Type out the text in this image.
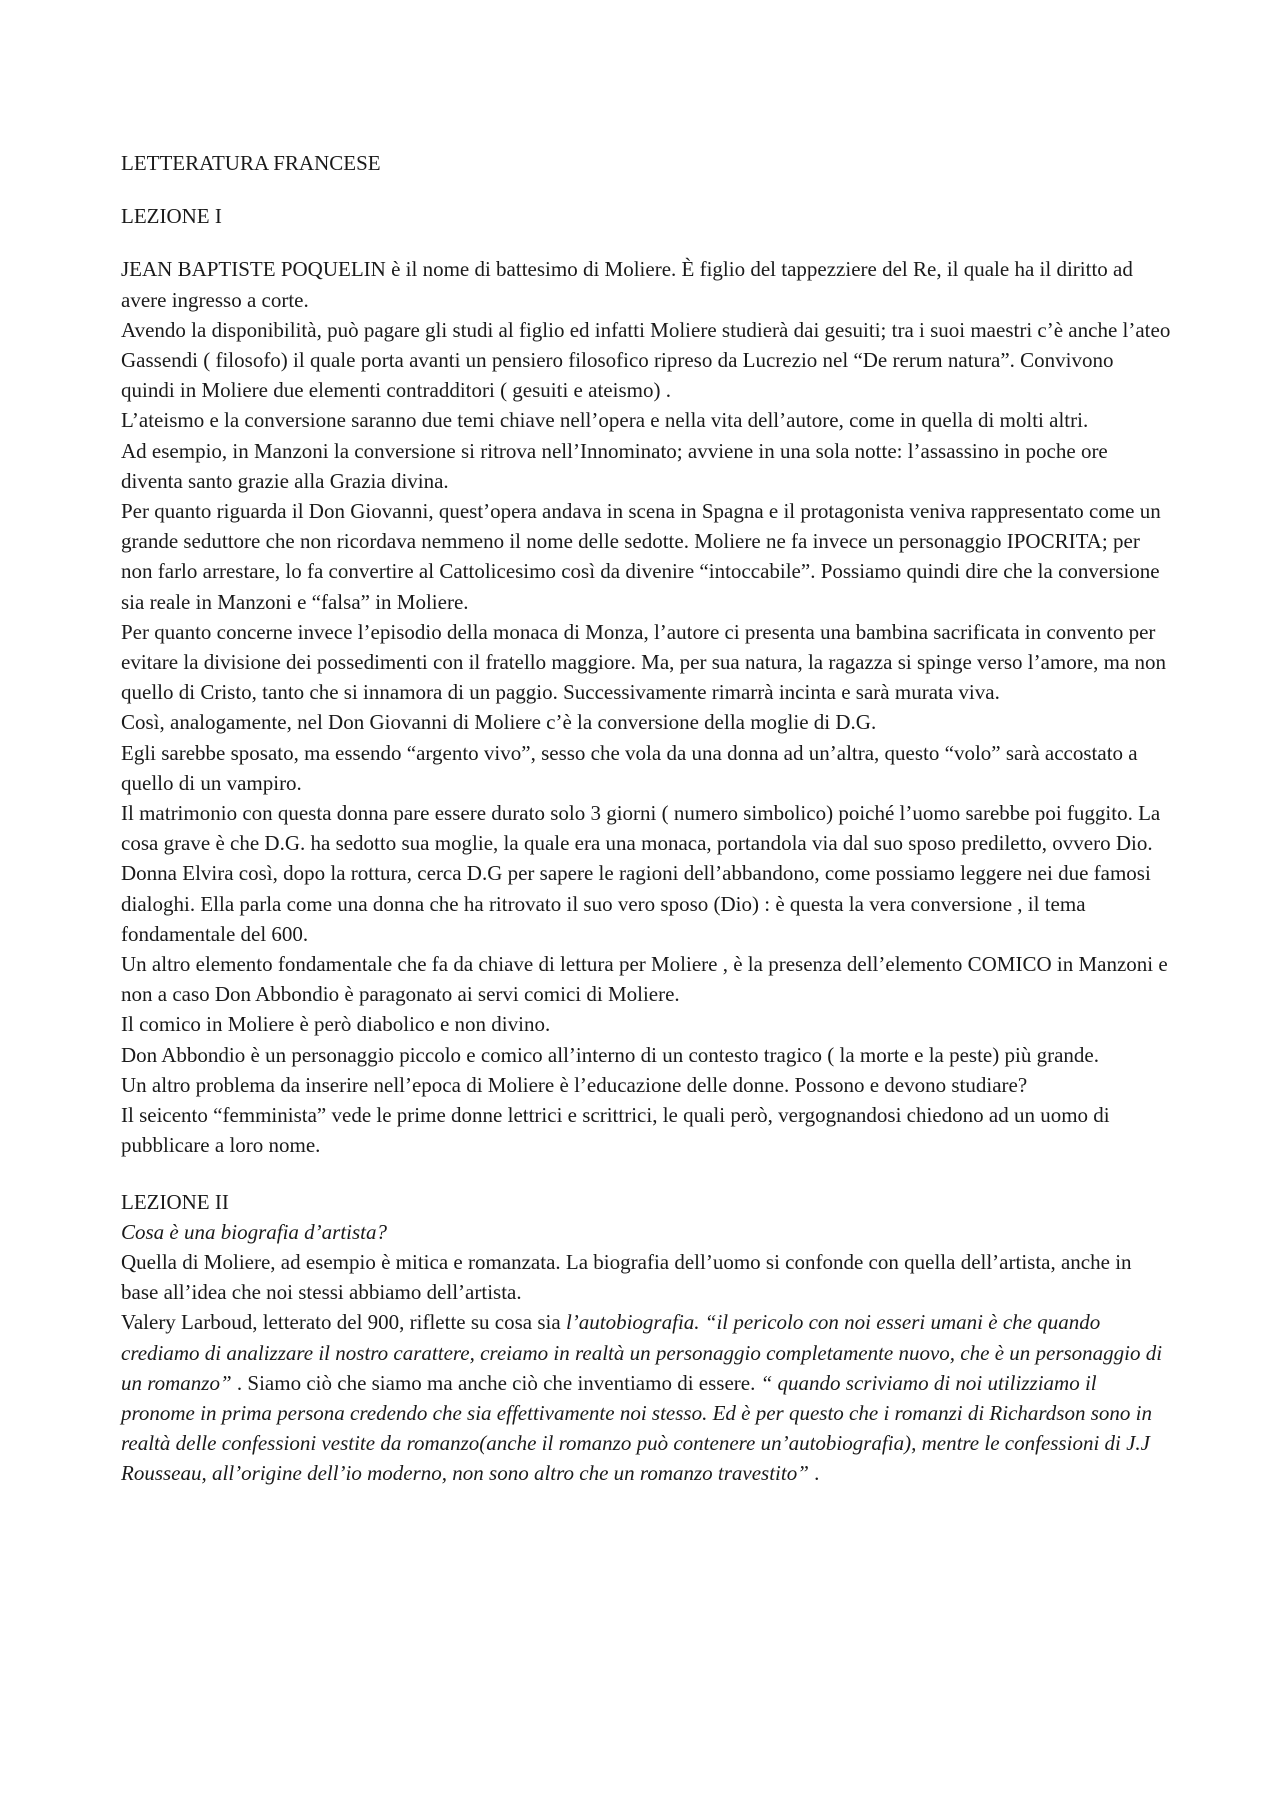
LETTERATURA FRANCESE

LEZIONE I

JEAN BAPTISTE POQUELIN è il nome di battesimo di Moliere. È figlio del tappezziere del Re, il quale ha il diritto ad avere ingresso a corte.

Avendo la disponibilità, può pagare gli studi al figlio ed infatti Moliere studierà dai gesuiti; tra i suoi maestri c’è anche l’ateo Gassendi ( filosofo) il quale porta avanti un pensiero filosofico ripreso da Lucrezio nel “De rerum natura”. Convivono quindi in Moliere due elementi contradditori ( gesuiti e ateismo) .

L’ateismo e la conversione saranno due temi chiave nell’opera e nella vita dell’autore, come in quella di molti altri.

Ad esempio, in Manzoni la conversione si ritrova nell’Innominato; avviene in una sola notte: l’assassino in poche ore diventa santo grazie alla Grazia divina.

Per quanto riguarda il Don Giovanni, quest’opera andava in scena in Spagna e il protagonista veniva rappresentato come un grande seduttore che non ricordava nemmeno il nome delle sedotte. Moliere ne fa invece un personaggio IPOCRITA; per non farlo arrestare, lo fa convertire al Cattolicesimo così da divenire “intoccabile”. Possiamo quindi dire che la conversione sia reale in Manzoni e “falsa” in Moliere.

Per quanto concerne invece l’episodio della monaca di Monza, l’autore ci presenta una bambina sacrificata in convento per evitare la divisione dei possedimenti con il fratello maggiore. Ma, per sua natura, la ragazza si spinge verso l’amore, ma non quello di Cristo, tanto che si innamora di un paggio. Successivamente rimarrà incinta e sarà murata viva.

Così, analogamente, nel Don Giovanni di Moliere c’è la conversione della moglie di D.G.

Egli sarebbe sposato, ma essendo “argento vivo”, sesso che vola da una donna ad un’altra, questo “volo” sarà accostato a quello di un vampiro.

Il matrimonio con questa donna pare essere durato solo 3 giorni ( numero simbolico) poiché l’uomo sarebbe poi fuggito. La cosa grave è che D.G. ha sedotto sua moglie, la quale era una monaca, portandola via dal suo sposo prediletto, ovvero Dio.

Donna Elvira così, dopo la rottura, cerca D.G per sapere le ragioni dell’abbandono, come possiamo leggere nei due famosi dialoghi. Ella parla come una donna che ha ritrovato il suo vero sposo (Dio) : è questa la vera conversione , il tema fondamentale del 600.

Un altro elemento fondamentale che fa da chiave di lettura per Moliere , è la presenza dell’elemento COMICO in Manzoni e non a caso Don Abbondio è paragonato ai servi comici di Moliere.

Il comico in Moliere è però diabolico e non divino.

Don Abbondio è un personaggio piccolo e comico all’interno di un contesto tragico ( la morte e la peste) più grande.

Un altro problema da inserire nell’epoca di Moliere è l’educazione delle donne. Possono e devono studiare?

Il seicento “femminista” vede le prime donne lettrici e scrittrici, le quali però, vergognandosi chiedono ad un uomo di pubblicare a loro nome.

LEZIONE II

Cosa è una biografia d’artista?

Quella di Moliere, ad esempio è mitica e romanzata. La biografia dell’uomo si confonde con quella dell’artista, anche in base all’idea che noi stessi abbiamo dell’artista.

Valery Larboud, letterato del 900, riflette su cosa sia l’autobiografia. “il pericolo con noi esseri umani è che quando crediamo di analizzare il nostro carattere, creiamo in realtà un personaggio completamente nuovo, che è un personaggio di un romanzo” . Siamo ciò che siamo ma anche ciò che inventiamo di essere. “ quando scriviamo di noi utilizziamo il pronome in prima persona credendo che sia effettivamente noi stesso. Ed è per questo che i romanzi di Richardson sono in realtà delle confessioni vestite da romanzo(anche il romanzo può contenere un’autobiografia), mentre le confessioni di J.J Rousseau, all’origine dell’io moderno, non sono altro che un romanzo travestito” .
